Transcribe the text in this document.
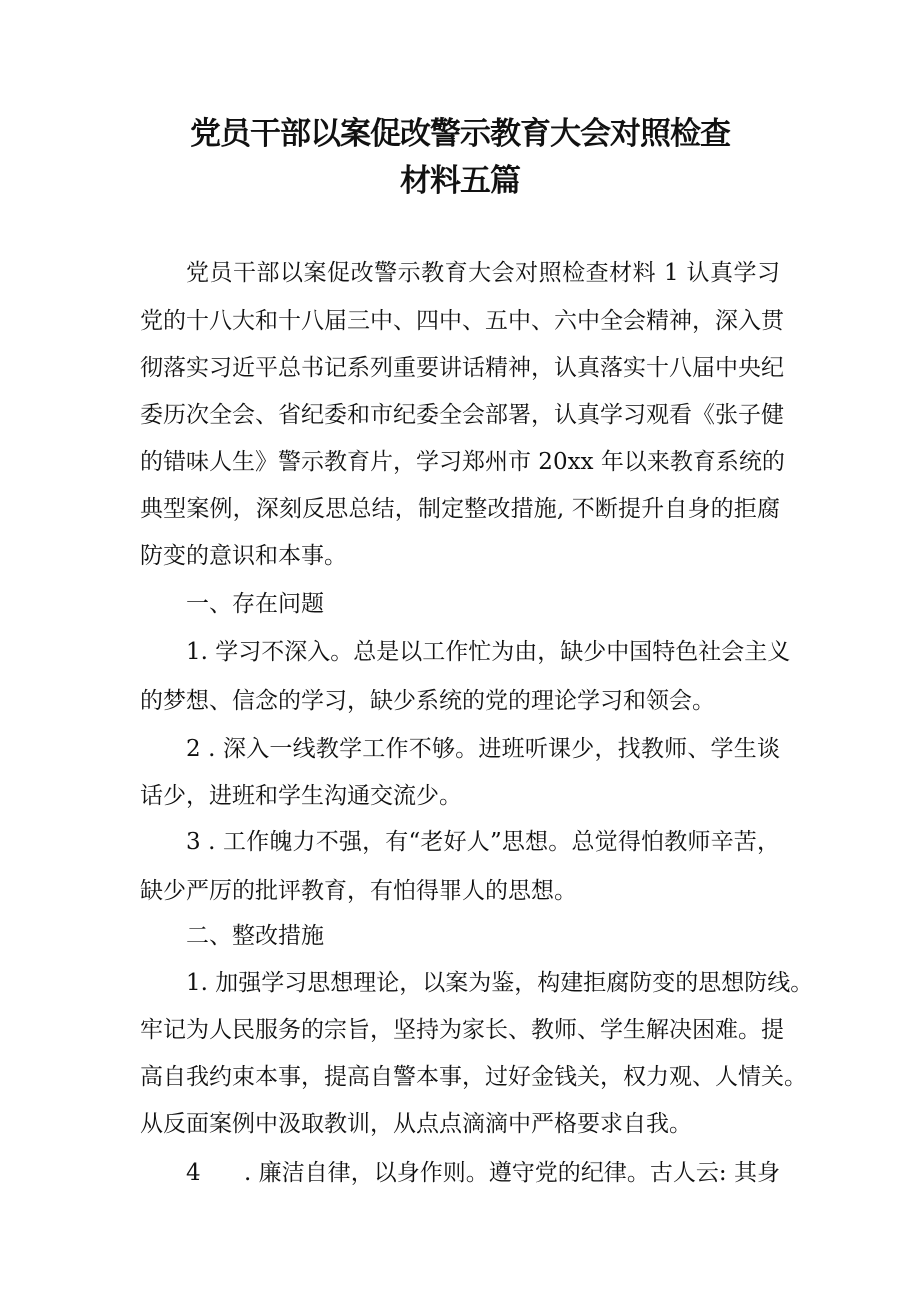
党员干部以案促改警示教育大会对照检查
材料五篇
党员干部以案促改警示教育大会对照检查材料 1 认真学习
党的十八大和十八届三中、四中、五中、六中全会精神，深入贯
彻落实习近平总书记系列重要讲话精神，认真落实十八届中央纪
委历次全会、省纪委和市纪委全会部署，认真学习观看《张子健
的错味人生》警示教育片，学习郑州市 20xx 年以来教育系统的
典型案例，深刻反思总结，制定整改措施, 不断提升自身的拒腐
防变的意识和本事。
一、存在问题
1. 学习不深入。总是以工作忙为由，缺少中国特色社会主义
的梦想、信念的学习，缺少系统的党的理论学习和领会。
2 . 深入一线教学工作不够。进班听课少，找教师、学生谈
话少，进班和学生沟通交流少。
3 . 工作魄力不强，有“老好人”思想。总觉得怕教师辛苦，
缺少严厉的批评教育，有怕得罪人的思想。
二、整改措施
1. 加强学习思想理论，以案为鉴，构建拒腐防变的思想防线。
牢记为人民服务的宗旨，坚持为家长、教师、学生解决困难。提
高自我约束本事，提高自警本事，过好金钱关，权力观、人情关。
从反面案例中汲取教训，从点点滴滴中严格要求自我。
4 . 廉洁自律，以身作则。遵守党的纪律。古人云: 其身
